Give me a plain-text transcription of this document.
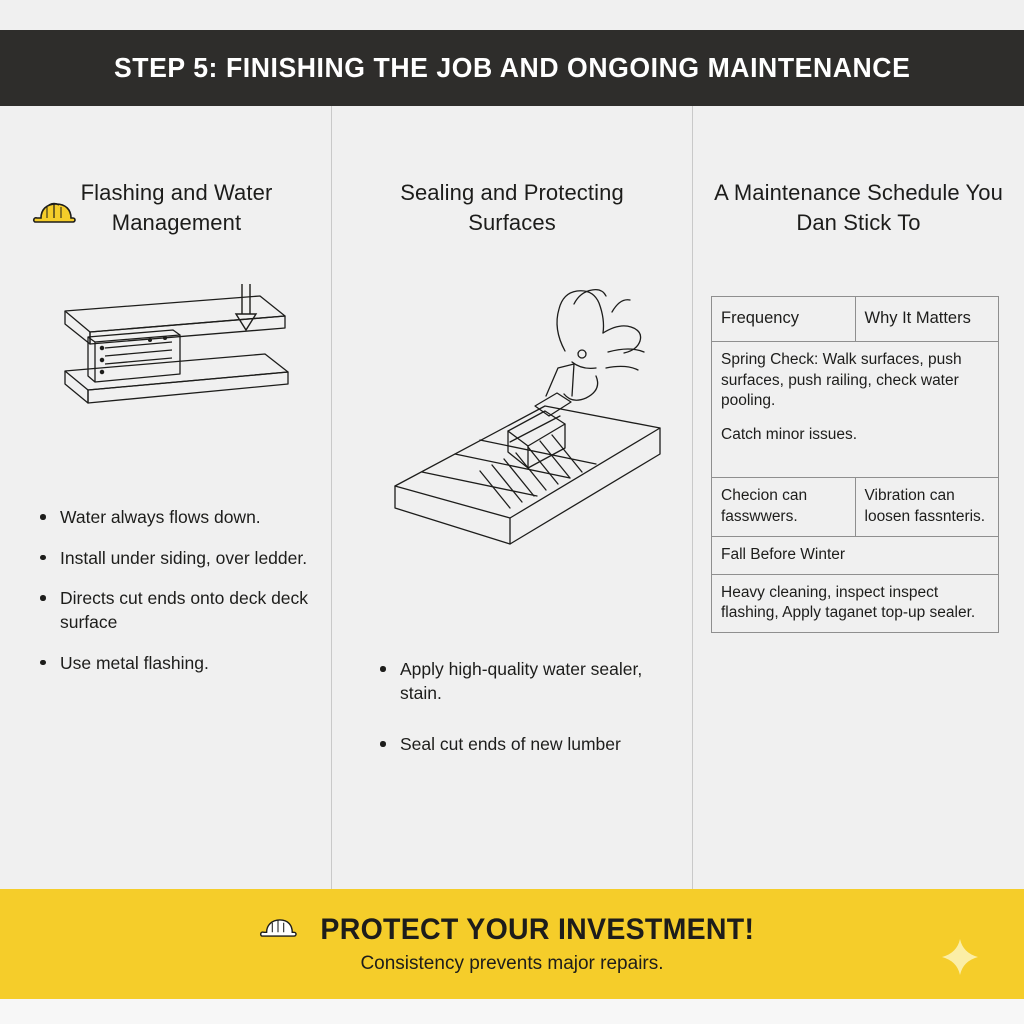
STEP 5: FINISHING THE JOB AND ONGOING MAINTENANCE
Flashing and Water Management
Water always flows down.
Install under siding, over ledder.
Directs cut ends onto deck deck surface
Use metal flashing.
Sealing and Protecting Surfaces
Apply high-quality water sealer, stain.
Seal cut ends of new lumber
A Maintenance Schedule You Dan Stick To
Frequency	Why It Matters

Spring Check: Walk surfaces, push surfaces, push railing, check water pooling.
Catch minor issues.	

Checion can fasswwers.	Vibration can loosen fassnteris.
Fall Before Winter	
Heavy cleaning, inspect inspect flashing, Apply taganet top-up sealer.	
PROTECT YOUR INVESTMENT!
Consistency prevents major repairs.
